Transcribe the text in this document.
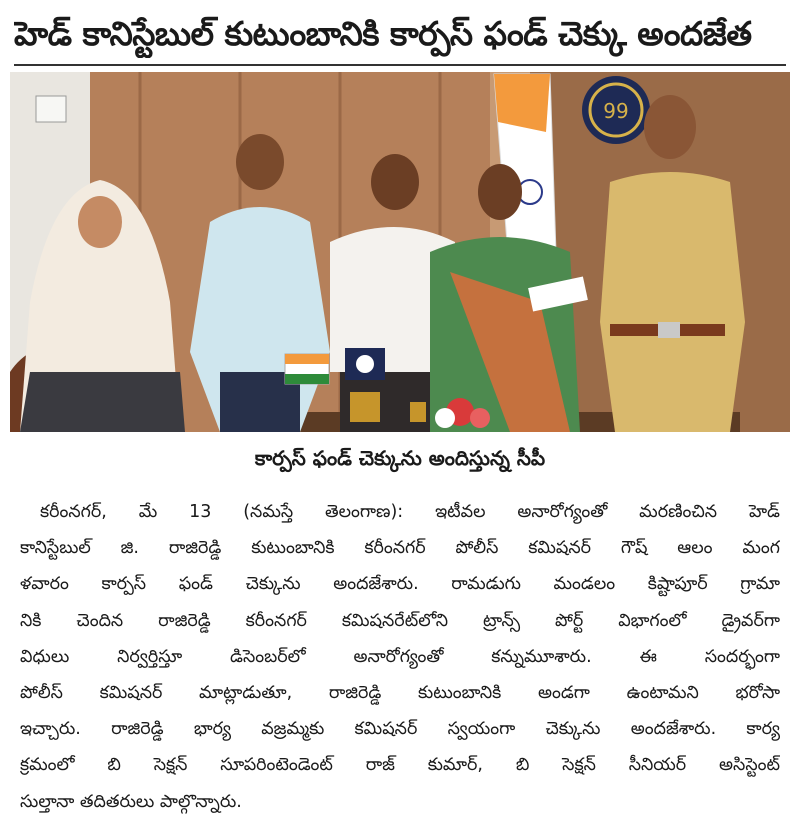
హెడ్ కానిస్టేబుల్ కుటుంబానికి కార్పస్ ఫండ్ చెక్కు అందజేత
99
కార్పస్ ఫండ్ చెక్కును అందిస్తున్న సీపీ
కరీంనగర్, మే 13 (నమస్తే తెలంగాణ): ఇటీవల అనారోగ్యంతో మరణించిన హెడ్
కానిస్టేబుల్ జి. రాజిరెడ్డి కుటుంబానికి కరీంనగర్ పోలీస్ కమిషనర్ గౌష్ ఆలం మంగ
ళవారం కార్పస్ ఫండ్ చెక్కును అందజేశారు. రామడుగు మండలం కిష్టాపూర్ గ్రామా
నికి చెందిన రాజిరెడ్డి కరీంనగర్ కమిషనరేట్‌లోని ట్రాన్స్ పోర్ట్ విభాగంలో డ్రైవర్‌గా
విధులు నిర్వర్తిస్తూ డిసెంబర్‌లో అనారోగ్యంతో కన్నుమూశారు. ఈ సందర్భంగా
పోలీస్ కమిషనర్ మాట్లాడుతూ, రాజిరెడ్డి కుటుంబానికి అండగా ఉంటామని భరోసా
ఇచ్చారు. రాజిరెడ్డి భార్య వజ్రమ్మకు కమిషనర్ స్వయంగా చెక్కును అందజేశారు. కార్య
క్రమంలో బి సెక్షన్ సూపరింటెండెంట్ రాజ్ కుమార్, బి సెక్షన్ సీనియర్ అసిస్టెంట్
సుల్తానా తదితరులు పాల్గొన్నారు.
